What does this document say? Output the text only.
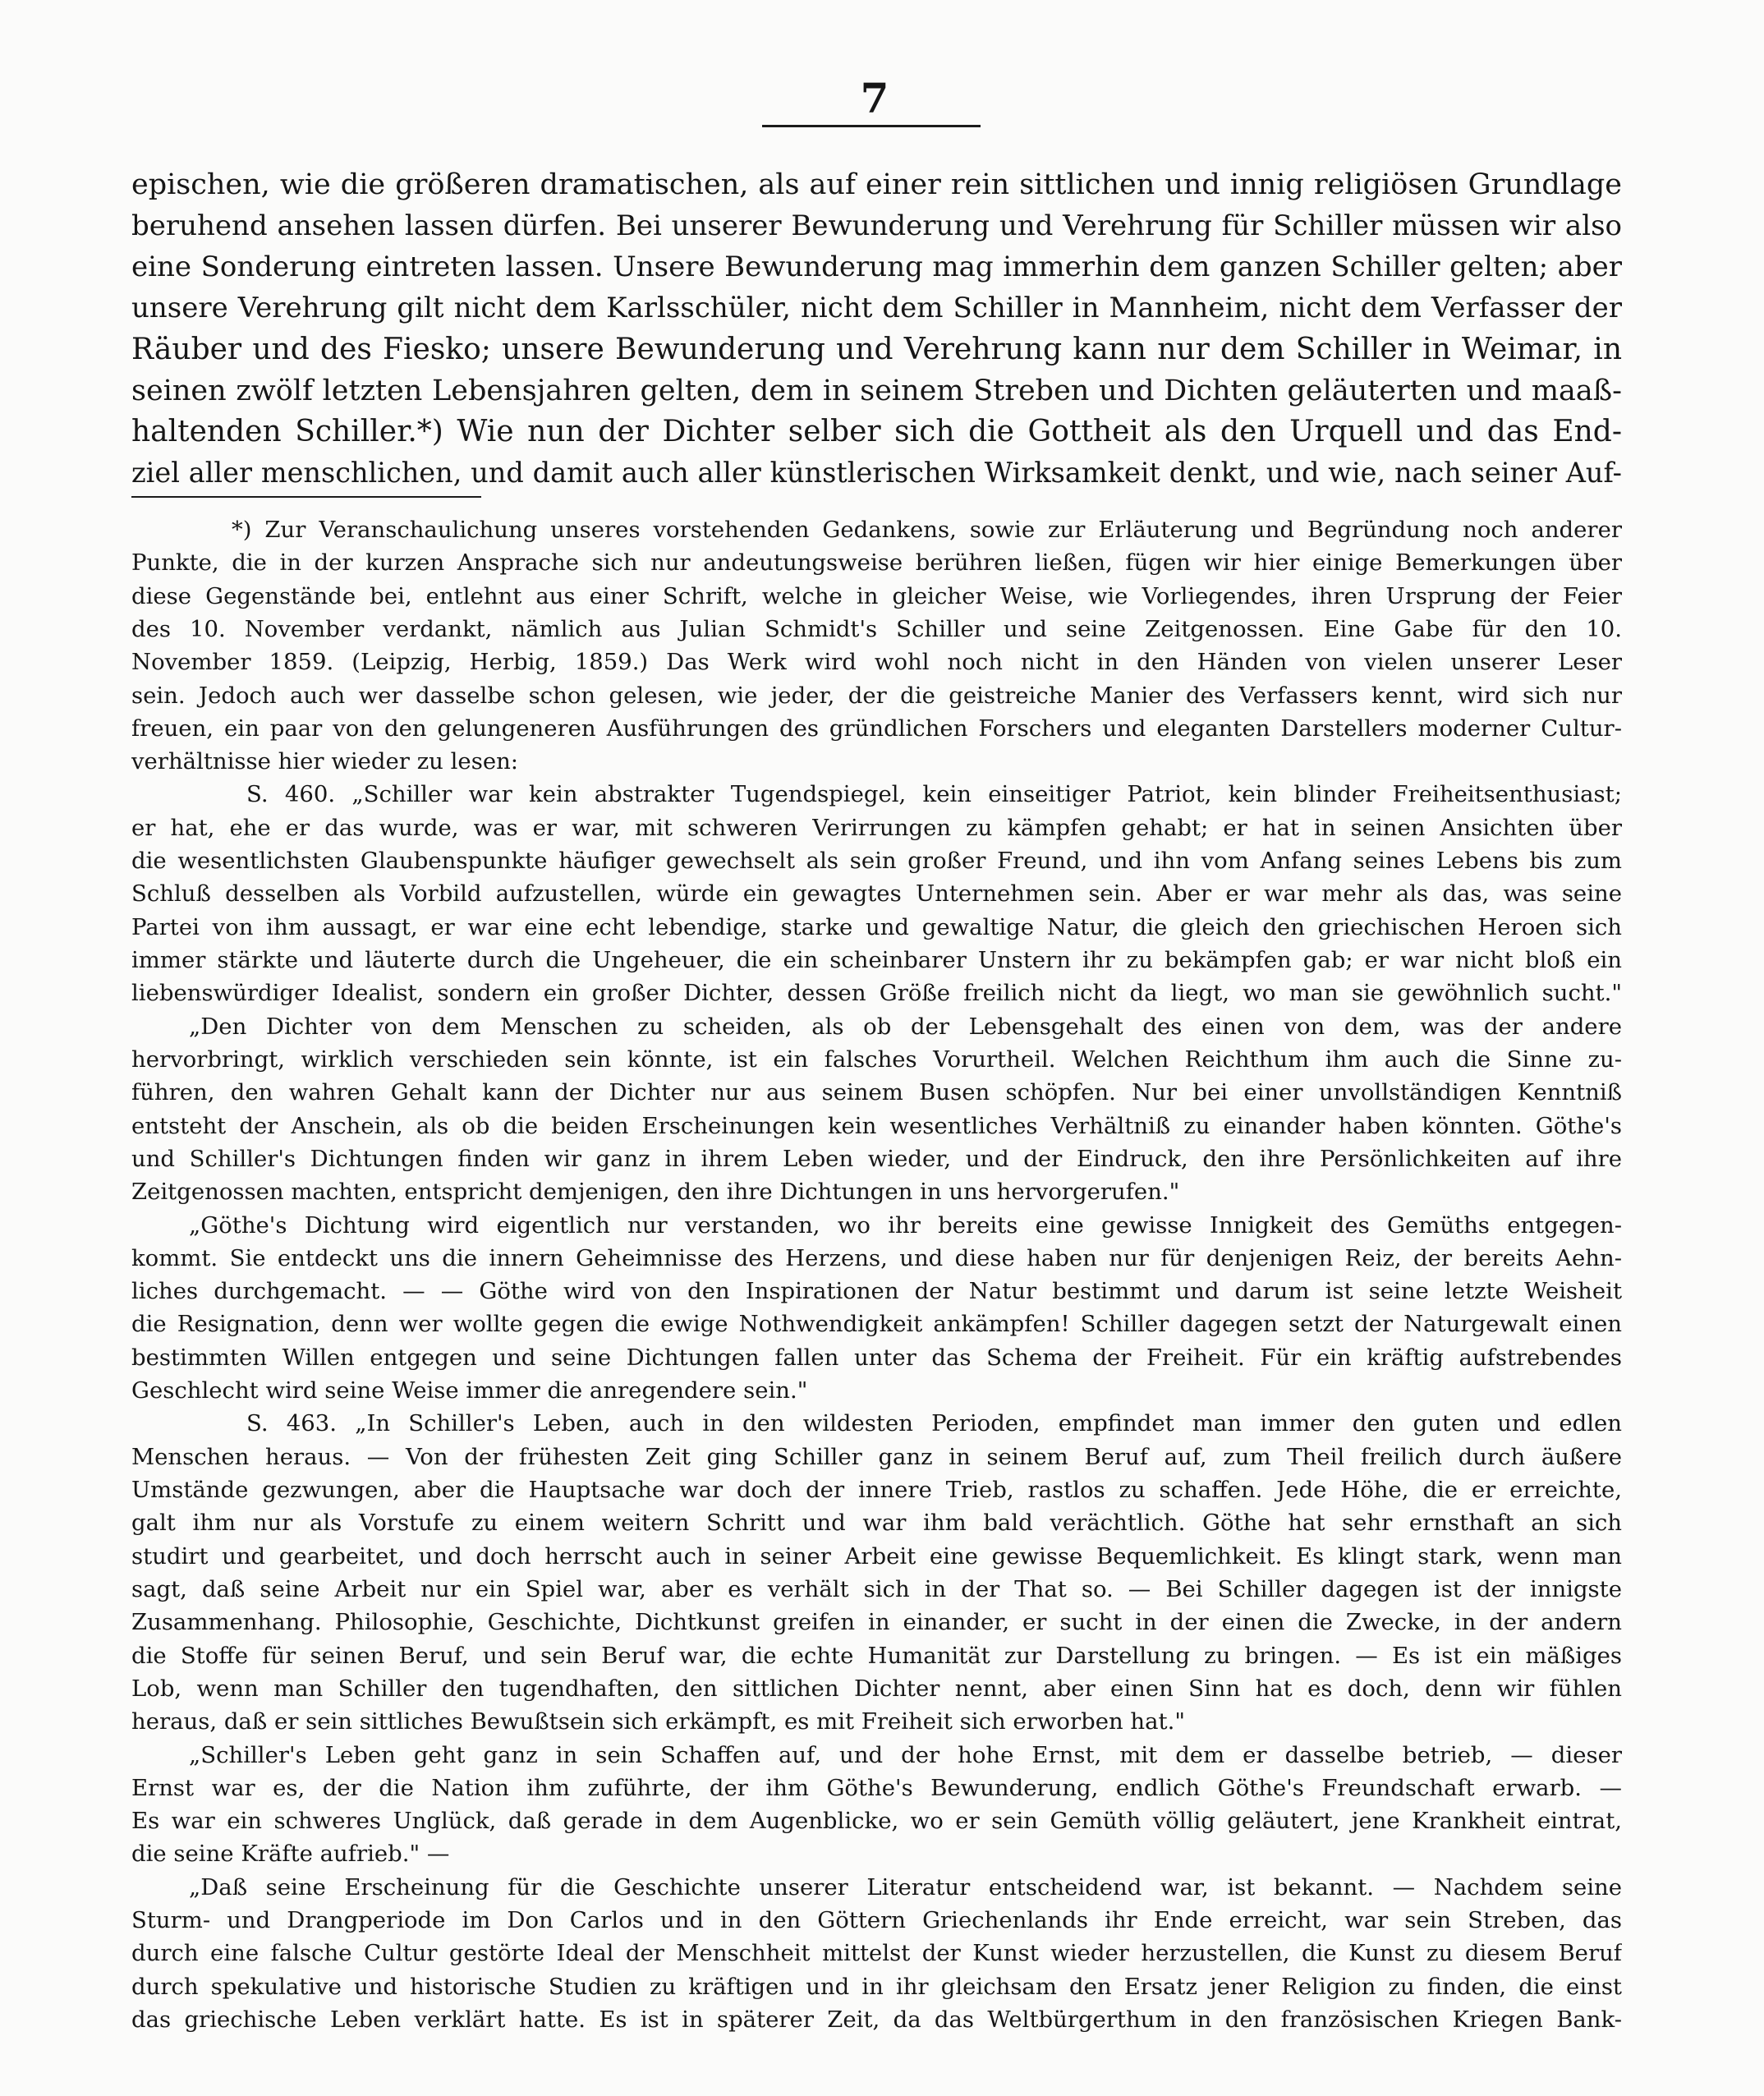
7
epischen, wie die größeren dramatischen, als auf einer rein sittlichen und innig religiösen Grundlage
beruhend ansehen lassen dürfen. Bei unserer Bewunderung und Verehrung für Schiller müssen wir also
eine Sonderung eintreten lassen. Unsere Bewunderung mag immerhin dem ganzen Schiller gelten; aber
unsere Verehrung gilt nicht dem Karlsschüler, nicht dem Schiller in Mannheim, nicht dem Verfasser der
Räuber und des Fiesko; unsere Bewunderung und Verehrung kann nur dem Schiller in Weimar, in
seinen zwölf letzten Lebensjahren gelten, dem in seinem Streben und Dichten geläuterten und maaß-
haltenden Schiller.*) Wie nun der Dichter selber sich die Gottheit als den Urquell und das End-
ziel aller menschlichen, und damit auch aller künstlerischen Wirksamkeit denkt, und wie, nach seiner Auf-
*) Zur Veranschaulichung unseres vorstehenden Gedankens, sowie zur Erläuterung und Begründung noch anderer
Punkte, die in der kurzen Ansprache sich nur andeutungsweise berühren ließen, fügen wir hier einige Bemerkungen über
diese Gegenstände bei, entlehnt aus einer Schrift, welche in gleicher Weise, wie Vorliegendes, ihren Ursprung der Feier
des 10. November verdankt, nämlich aus Julian Schmidt's Schiller und seine Zeitgenossen. Eine Gabe für den 10.
November 1859. (Leipzig, Herbig, 1859.) Das Werk wird wohl noch nicht in den Händen von vielen unserer Leser
sein. Jedoch auch wer dasselbe schon gelesen, wie jeder, der die geistreiche Manier des Verfassers kennt, wird sich nur
freuen, ein paar von den gelungeneren Ausführungen des gründlichen Forschers und eleganten Darstellers moderner Cultur-
verhältnisse hier wieder zu lesen:
S. 460. „Schiller war kein abstrakter Tugendspiegel, kein einseitiger Patriot, kein blinder Freiheitsenthusiast;
er hat, ehe er das wurde, was er war, mit schweren Verirrungen zu kämpfen gehabt; er hat in seinen Ansichten über
die wesentlichsten Glaubenspunkte häufiger gewechselt als sein großer Freund, und ihn vom Anfang seines Lebens bis zum
Schluß desselben als Vorbild aufzustellen, würde ein gewagtes Unternehmen sein. Aber er war mehr als das, was seine
Partei von ihm aussagt, er war eine echt lebendige, starke und gewaltige Natur, die gleich den griechischen Heroen sich
immer stärkte und läuterte durch die Ungeheuer, die ein scheinbarer Unstern ihr zu bekämpfen gab; er war nicht bloß ein
liebenswürdiger Idealist, sondern ein großer Dichter, dessen Größe freilich nicht da liegt, wo man sie gewöhnlich sucht."
„Den Dichter von dem Menschen zu scheiden, als ob der Lebensgehalt des einen von dem, was der andere
hervorbringt, wirklich verschieden sein könnte, ist ein falsches Vorurtheil. Welchen Reichthum ihm auch die Sinne zu-
führen, den wahren Gehalt kann der Dichter nur aus seinem Busen schöpfen. Nur bei einer unvollständigen Kenntniß
entsteht der Anschein, als ob die beiden Erscheinungen kein wesentliches Verhältniß zu einander haben könnten. Göthe's
und Schiller's Dichtungen finden wir ganz in ihrem Leben wieder, und der Eindruck, den ihre Persönlichkeiten auf ihre
Zeitgenossen machten, entspricht demjenigen, den ihre Dichtungen in uns hervorgerufen."
„Göthe's Dichtung wird eigentlich nur verstanden, wo ihr bereits eine gewisse Innigkeit des Gemüths entgegen-
kommt. Sie entdeckt uns die innern Geheimnisse des Herzens, und diese haben nur für denjenigen Reiz, der bereits Aehn-
liches durchgemacht. — — Göthe wird von den Inspirationen der Natur bestimmt und darum ist seine letzte Weisheit
die Resignation, denn wer wollte gegen die ewige Nothwendigkeit ankämpfen! Schiller dagegen setzt der Naturgewalt einen
bestimmten Willen entgegen und seine Dichtungen fallen unter das Schema der Freiheit. Für ein kräftig aufstrebendes
Geschlecht wird seine Weise immer die anregendere sein."
S. 463. „In Schiller's Leben, auch in den wildesten Perioden, empfindet man immer den guten und edlen
Menschen heraus. — Von der frühesten Zeit ging Schiller ganz in seinem Beruf auf, zum Theil freilich durch äußere
Umstände gezwungen, aber die Hauptsache war doch der innere Trieb, rastlos zu schaffen. Jede Höhe, die er erreichte,
galt ihm nur als Vorstufe zu einem weitern Schritt und war ihm bald verächtlich. Göthe hat sehr ernsthaft an sich
studirt und gearbeitet, und doch herrscht auch in seiner Arbeit eine gewisse Bequemlichkeit. Es klingt stark, wenn man
sagt, daß seine Arbeit nur ein Spiel war, aber es verhält sich in der That so. — Bei Schiller dagegen ist der innigste
Zusammenhang. Philosophie, Geschichte, Dichtkunst greifen in einander, er sucht in der einen die Zwecke, in der andern
die Stoffe für seinen Beruf, und sein Beruf war, die echte Humanität zur Darstellung zu bringen. — Es ist ein mäßiges
Lob, wenn man Schiller den tugendhaften, den sittlichen Dichter nennt, aber einen Sinn hat es doch, denn wir fühlen
heraus, daß er sein sittliches Bewußtsein sich erkämpft, es mit Freiheit sich erworben hat."
„Schiller's Leben geht ganz in sein Schaffen auf, und der hohe Ernst, mit dem er dasselbe betrieb, — dieser
Ernst war es, der die Nation ihm zuführte, der ihm Göthe's Bewunderung, endlich Göthe's Freundschaft erwarb. —
Es war ein schweres Unglück, daß gerade in dem Augenblicke, wo er sein Gemüth völlig geläutert, jene Krankheit eintrat,
die seine Kräfte aufrieb." —
„Daß seine Erscheinung für die Geschichte unserer Literatur entscheidend war, ist bekannt. — Nachdem seine
Sturm- und Drangperiode im Don Carlos und in den Göttern Griechenlands ihr Ende erreicht, war sein Streben, das
durch eine falsche Cultur gestörte Ideal der Menschheit mittelst der Kunst wieder herzustellen, die Kunst zu diesem Beruf
durch spekulative und historische Studien zu kräftigen und in ihr gleichsam den Ersatz jener Religion zu finden, die einst
das griechische Leben verklärt hatte. Es ist in späterer Zeit, da das Weltbürgerthum in den französischen Kriegen Bank-
